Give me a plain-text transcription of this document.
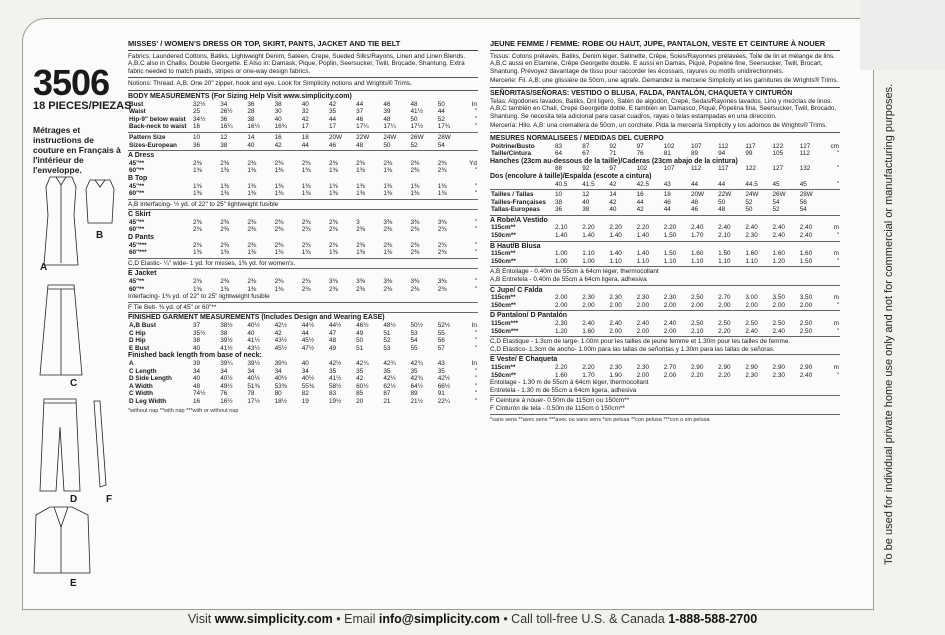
3506
18 PIECES/PIEZAS
Métrages et instructions de couture en Français à l'intérieur de l'enveloppe.
A
B
C
D
E
F
MISSES' / WOMEN'S DRESS OR TOP, SKIRT, PANTS, JACKET AND TIE BELT
Fabrics: Laundered Cottons, Batiks, Lightweight Denim, Sateen, Crepe, Sueded Silks/Rayons, Linen and Linen Blends. A,B,C also in Challis, Double Georgette. E Also in: Damask, Pique, Poplin, Seersucker, Twill, Brocade, Shantung. Extra fabric needed to match plaids, stripes or one-way design fabrics.
Notions: Thread. A,B: One 20" zipper, hook and eye. Look for Simplicity notions and Wrights® Trims.
BODY MEASUREMENTS (For Sizing Help Visit www.simplicity.com)
Bust	32½	34	36	38	40	42	44	46	48	50	In
Waist	25	26½	28	30	32	35	37	39	41½	44	"
Hip-9" below waist	34½	36	38	40	42	44	46	48	50	52	"
Back-neck to waist	16	16¼	16½	16¾	17	17	17¼	17¼	17½	17¾	"
Pattern Size	10	12	14	16	18	20W	22W	24W	26W	28W	
Sizes-European	36	38	40	42	44	46	48	50	52	54	
A Dress
45"**	2⅜	2⅜	2⅜	2⅜	2⅜	2⅜	2⅜	2⅜	2⅜	2⅜	Yd
60"**	1⅜	1⅜	1⅜	1⅜	1⅜	1⅜	1⅜	1⅜	2⅜	2⅜	"
B Top
45"**	1⅜	1⅜	1⅜	1⅜	1⅜	1⅜	1⅜	1⅜	1⅜	1⅜	"
60"**	1⅜	1⅜	1⅜	1⅜	1⅜	1⅜	1⅜	1⅜	1⅜	1⅜	"
A,B Interfacing- ½ yd. of 22" to 25" lightweight fusible
C Skirt
45"**	2⅜	2⅜	2⅜	2⅜	2⅜	2⅜	3	3⅜	3⅜	3⅜	"
60"**	2⅜	2⅜	2⅜	2⅜	2⅜	2⅜	2⅜	2⅜	2⅜	2⅜	"
D Pants
45"***	2⅜	2⅜	2⅜	2⅜	2⅜	2⅜	2⅜	2⅜	2⅜	2⅜	"
60"***	1⅜	1⅜	1⅜	1⅜	1⅜	1⅜	1⅜	1⅜	2⅜	2⅜	"
C,D Elastic- ¼" wide- 1 yd. for misses, 1⅜ yd. for women's.
E Jacket
45"**	2⅜	2⅜	2⅜	2⅜	2⅜	3⅜	3⅜	3⅜	3⅜	3⅜	"
60"**	1⅜	1⅜	1⅜	1⅜	2⅜	2⅜	2⅜	2⅜	2⅜	2⅜	"
Interfacing- 1⅜ yd. of 22" to 25" lightweight fusible
F Tie Belt- ⅜ yd. of 45" or 60"**
FINISHED GARMENT MEASUREMENTS (Includes Design and Wearing EASE)
A,B Bust	37	38½	40½	42½	44½	44½	46½	48½	50½	52½	In
C Hip	35½	38	40	42	44	47	49	51	53	55	"
D Hip	38	39½	41½	43½	45½	48	50	52	54	56	"
E Bust	40	41½	43½	45½	47½	49	51	53	55	57	"
Finished back length from base of neck:
A	39	39¼	39½	39¾	40	42½	42¾	42¾	42¾	43	In
C Length	34	34	34	34	34	35	35	35	35	35	"
D Side Length	40	40½	40½	40½	40½	41½	42	42½	42¾	42½	"
A Width	48	49½	51⅜	53⅜	55⅜	58½	60½	62½	64½	66½	"
C Width	74½	76	78	80	82	83	85	87	89	91	"
D Leg Width	16	16½	17½	18½	19	19½	20	21	21½	22¼	"
*without nap **with nap ***with or without nap
JEUNE FEMME / FEMME: ROBE OU HAUT, JUPE, PANTALON, VESTE ET CEINTURE À NOUER
Tissus: Cotons prélavés, Batiks, Denim léger, Satinette, Crêpe, Soies/Rayonnes prélavées, Toile de lin et mélange de lins. A,B,C aussi en Etamine, Crêpe Georgette double. E aussi en Damas, Piqué, Popeline fine, Seersucker, Twill, Brocart, Shantung. Prévoyez davantage de tissu pour raccorder les écossais, rayures ou motifs unidirectionnels.
Mercerie: Fil. A,B: une glissière de 50cm, une agrafe. Demandez la mercerie Simplicity et les garnitures de Wrights® Trims.
SEÑORITAS/SEÑORAS: VESTIDO O BLUSA, FALDA, PANTALÓN, CHAQUETA Y CINTURÓN
Telas: Algodones lavados, Batiks, Dril ligero, Satén de algodón, Crepé, Sedas/Rayones lavados, Lino y mezclas de linos. A,B,C también en Chalí, Crepé Georgette doble. E también en Damasco, Piqué, Popelina fina, Seersucker, Twill, Brocado, Shantung. Se necesita tela adicional para casar cuadros, rayas o telas estampadas en una dirección.
Mercería: Hilo. A,B: una cremallera de 50cm, un corchete. Pida la mercería Simplicity y los adornos de Wrights® Trims.
MESURES NORMALISEES / MEDIDAS DEL CUERPO
Poitrine/Busto	83	87	92	97	102	107	112	117	122	127	cm
Taille/Cintura	64	67	71	76	81	89	94	99	105	112	"
Hanches (23cm au-dessous de la taille)/Caderas (23cm abajo de la cintura)
	88	92	97	102	107	112	117	122	127	132	"
Dos (encolure à taille)/Espalda (escote a cintura)
	40.5	41.5	42	42.5	43	44	44	44.5	45	45	"
Tailles / Tallas	10	12	14	16	18	20W	22W	24W	26W	28W	
Tailles-Françaises	38	40	42	44	46	48	50	52	54	56	
Tallas-Europeas	36	38	40	42	44	46	48	50	52	54	
A Robe/A Vestido
115cm**	2.10	2.20	2.20	2.20	2.20	2.40	2.40	2.40	2.40	2.40	m
150cm**	1.40	1.40	1.40	1.40	1.50	1.70	2.10	2.30	2.40	2.40	"
B Haut/B Blusa
115cm**	1.00	1.10	1.40	1.40	1.50	1.60	1.50	1.60	1.60	1.60	m
150cm**	1.00	1.00	1.10	1.10	1.10	1.10	1.10	1.10	1.20	1.50	"
A,B Entoilage - 0.40m de 55cm à 64cm léger, thermocollant
A,B Entretela - 0.40m de 55cm a 64cm ligera, adhesiva
C Jupe/ C Falda
115cm**	2.00	2.30	2.30	2.30	2.30	2.50	2.70	3.00	3.50	3.50	m
150cm**	2.00	2.00	2.00	2.00	2.00	2.00	2.00	2.00	2.00	2.00	"
D Pantalon/ D Pantalón
115cm***	2.30	2.40	2.40	2.40	2.40	2.50	2.50	2.50	2.50	2.50	m
150cm***	1.20	1.60	2.00	2.00	2.00	2.10	2.20	2.40	2.40	2.50	"
C,D Elastique - 1.3cm de large- 1.00m pour les tailles de jeune femme et 1.30m pour les tailles de femme.
C,D Elástico- 1.3cm de ancho- 1.00m para las tallas de señoritas y 1.30m para las tallas de señoras.
E Veste/ E Chaqueta
115cm**	2.20	2.20	2.30	2.30	2.70	2.90	2.90	2.90	2.90	2.90	m
150cm**	1.60	1.70	1.90	2.00	2.00	2.20	2.20	2.30	2.30	2.40	"
Entoilage - 1.30 m de 55cm à 64cm léger, thermocollant
Entretela - 1.30 m de 55cm a 64cm ligera, adhesiva
F Ceinture à nouer- 0.50m de 115cm ou 150cm**
F Cinturón de tela - 0.50m de 115cm ó 150cm**
*sans sens **avec sens ***avec ou sans sens *sin pelusa **con pelusa ***con o sin pelusa	To be used for individual private home use only and not for commercial or manufacturing purposes.
Visit www.simplicity.com • Email info@simplicity.com • Call toll-free U.S. & Canada 1-888-588-2700
